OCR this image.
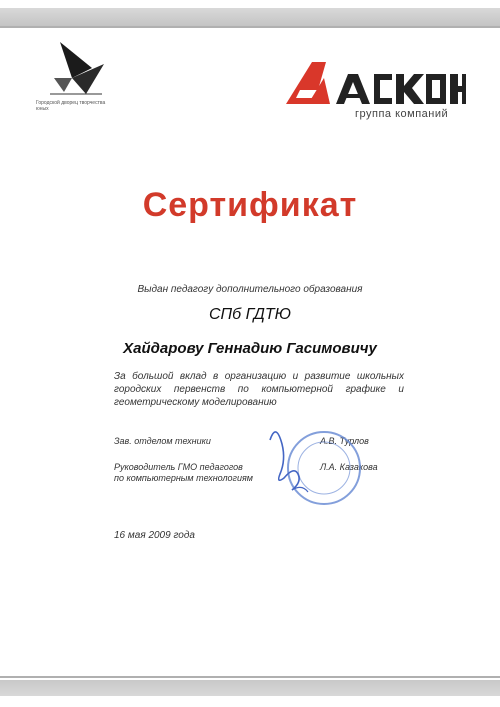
Городской дворец творчества юных	группа компаний
Сертификат
Выдан педагогу дополнительного образования
СПб ГДТЮ
Хайдарову Геннадию Гасимовичу
За большой вклад в организацию и развитие школьных городских первенств по компьютерной графике и геометрическому моделированию
Зав. отделом техники	А.В. Турлов
Руководитель ГМО педагогов
по компьютерным технологиям
Л.А. Казакова
16 мая 2009 года
